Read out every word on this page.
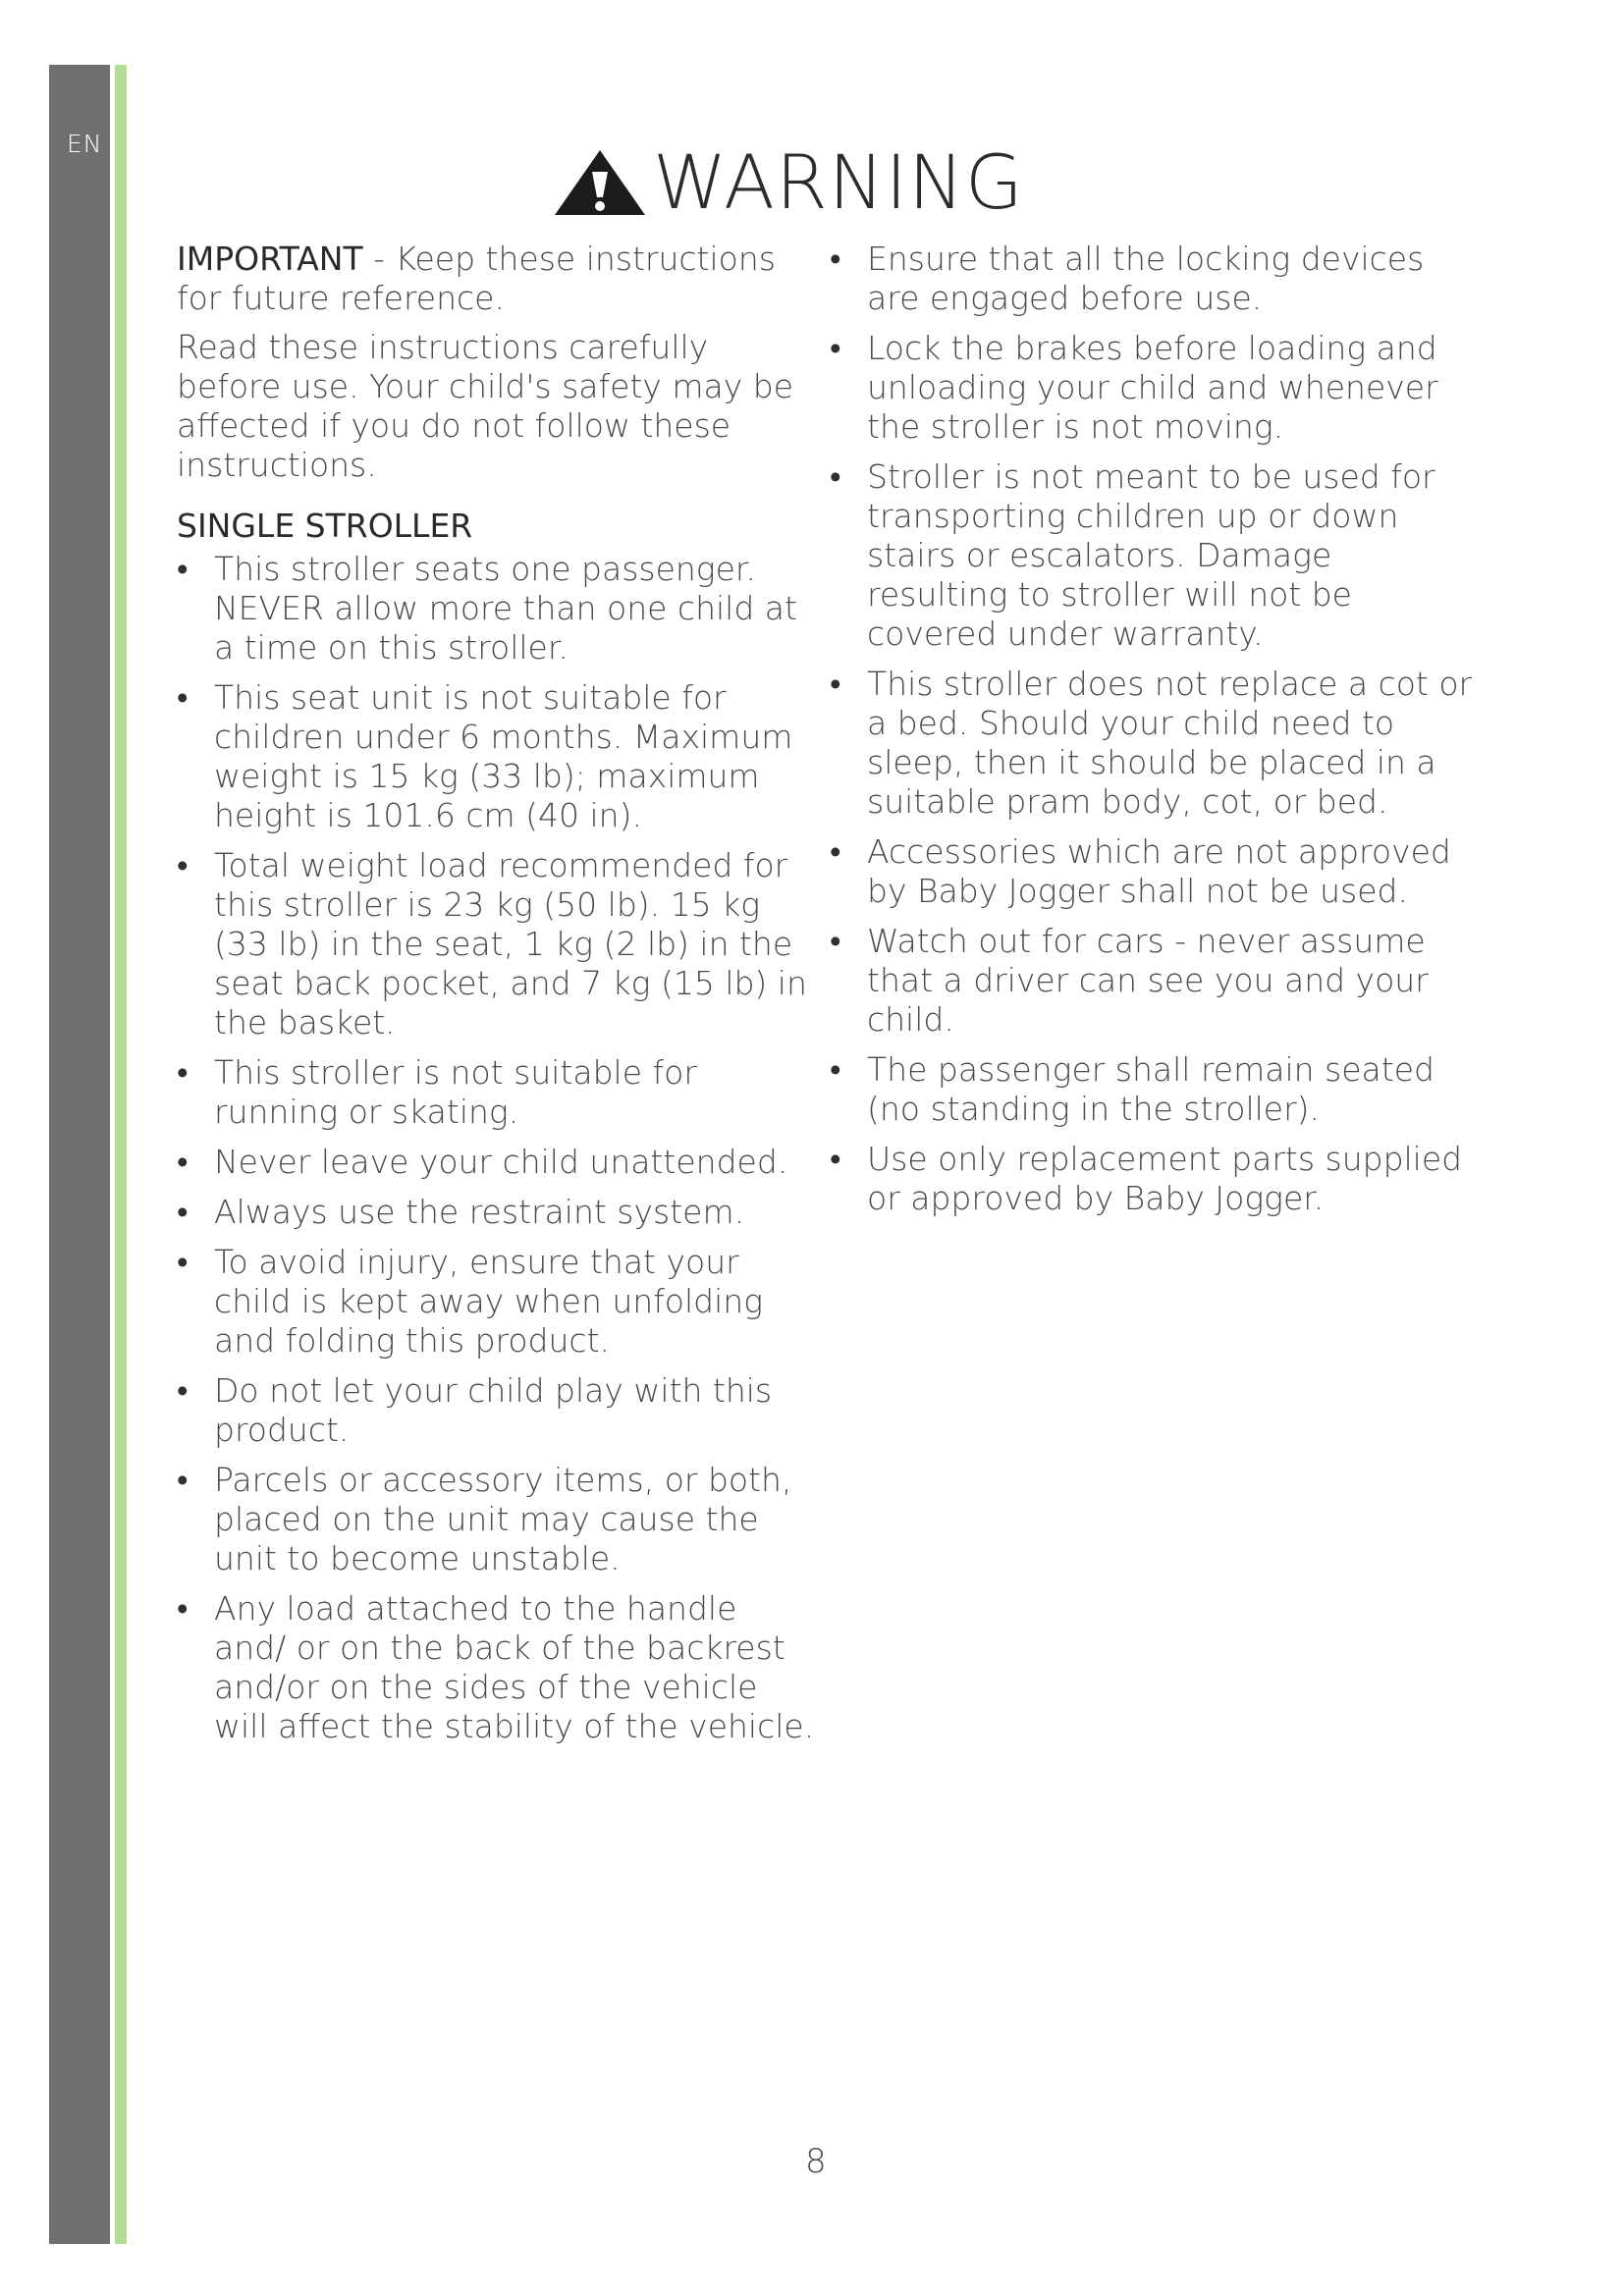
EN	WARNING

IMPORTANT - Keep these instructions for future reference.

Read these instructions carefully before use. Your child's safety may be affected if you do not follow these instructions.

SINGLE STROLLER
• This stroller seats one passenger. NEVER allow more than one child at a time on this stroller.
• This seat unit is not suitable for children under 6 months. Maximum weight is 15 kg (33 lb); maximum height is 101.6 cm (40 in).
• Total weight load recommended for this stroller is 23 kg (50 lb). 15 kg (33 lb) in the seat, 1 kg (2 lb) in the seat back pocket, and 7 kg (15 lb) in the basket.
• This stroller is not suitable for running or skating.
• Never leave your child unattended.
• Always use the restraint system.
• To avoid injury, ensure that your child is kept away when unfolding and folding this product.
• Do not let your child play with this product.
• Parcels or accessory items, or both, placed on the unit may cause the unit to become unstable.
• Any load attached to the handle and/ or on the back of the backrest and/or on the sides of the vehicle will affect the stability of the vehicle.
• Ensure that all the locking devices are engaged before use.
• Lock the brakes before loading and unloading your child and whenever the stroller is not moving.
• Stroller is not meant to be used for transporting children up or down stairs or escalators. Damage resulting to stroller will not be covered under warranty.
• This stroller does not replace a cot or a bed. Should your child need to sleep, then it should be placed in a suitable pram body, cot, or bed.
• Accessories which are not approved by Baby Jogger shall not be used.
• Watch out for cars - never assume that a driver can see you and your child.
• The passenger shall remain seated (no standing in the stroller).
• Use only replacement parts supplied or approved by Baby Jogger.
8
